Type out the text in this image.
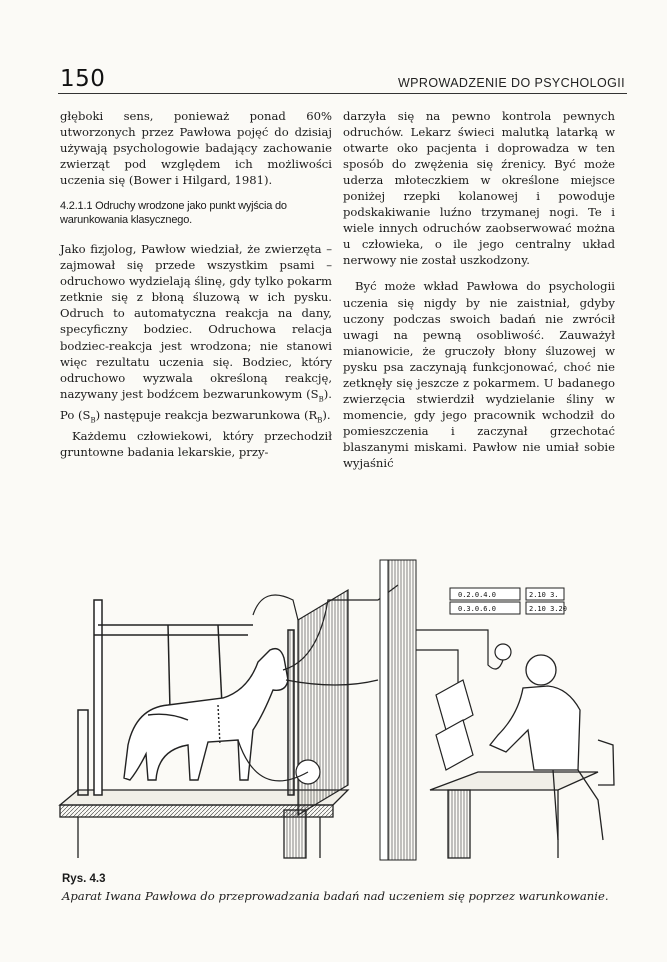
150	WPROWADZENIE DO PSYCHOLOGII

głęboki sens, ponieważ ponad 60% utworzonych przez Pawłowa pojęć do dzisiaj używają psychologowie badający zachowanie zwierząt pod względem ich możliwości uczenia się (Bower i Hilgard, 1981).

4.2.1.1 Odruchy wrodzone jako punkt wyjścia do warunkowania klasycznego.

Jako fizjolog, Pawłow wiedział, że zwierzęta – zajmował się przede wszystkim psami – odruchowo wydzielają ślinę, gdy tylko pokarm zetknie się z błoną śluzową w ich pysku. Odruch to automatyczna reakcja na dany, specyficzny bodziec. Odruchowa relacja bodziec-reakcja jest wrodzona; nie stanowi więc rezultatu uczenia się. Bodziec, który odruchowo wyzwala określoną reakcję, nazywany jest bodźcem bezwarunkowym $(S_B)$. Po $(S_B)$ następuje reakcja bezwarunkowa $(R_B)$.

Każdemu człowiekowi, który przechodził gruntowne badania lekarskie, przy-

darzyła się na pewno kontrola pewnych odruchów. Lekarz świeci malutką latarką w otwarte oko pacjenta i doprowadza w ten sposób do zwężenia się źrenicy. Być może uderza młoteczkiem w określone miejsce poniżej rzepki kolanowej i powoduje podskakiwanie luźno trzymanej nogi. Te i wiele innych odruchów zaobserwować można u człowieka, o ile jego centralny układ nerwowy nie został uszkodzony.

Być może wkład Pawłowa do psychologii uczenia się nigdy by nie zaistniał, gdyby uczony podczas swoich badań nie zwrócił uwagi na pewną osobliwość. Zauważył mianowicie, że gruczoły błony śluzowej w pysku psa zaczynają funkcjonować, choć nie zetknęły się jeszcze z pokarmem. U badanego zwierzęcia stwierdził wydzielanie śliny w momencie, gdy jego pracownik wchodził do pomieszczenia i zaczynał grzechotać blaszanymi miskami. Pawłow nie umiał sobie wyjaśnić

0.2.0.4.0
0.3.0.6.0
2.10 3.
2.10 3.20
Rys. 4.3
Aparat Iwana Pawłowa do przeprowadzania badań nad uczeniem się poprzez warunkowanie.
